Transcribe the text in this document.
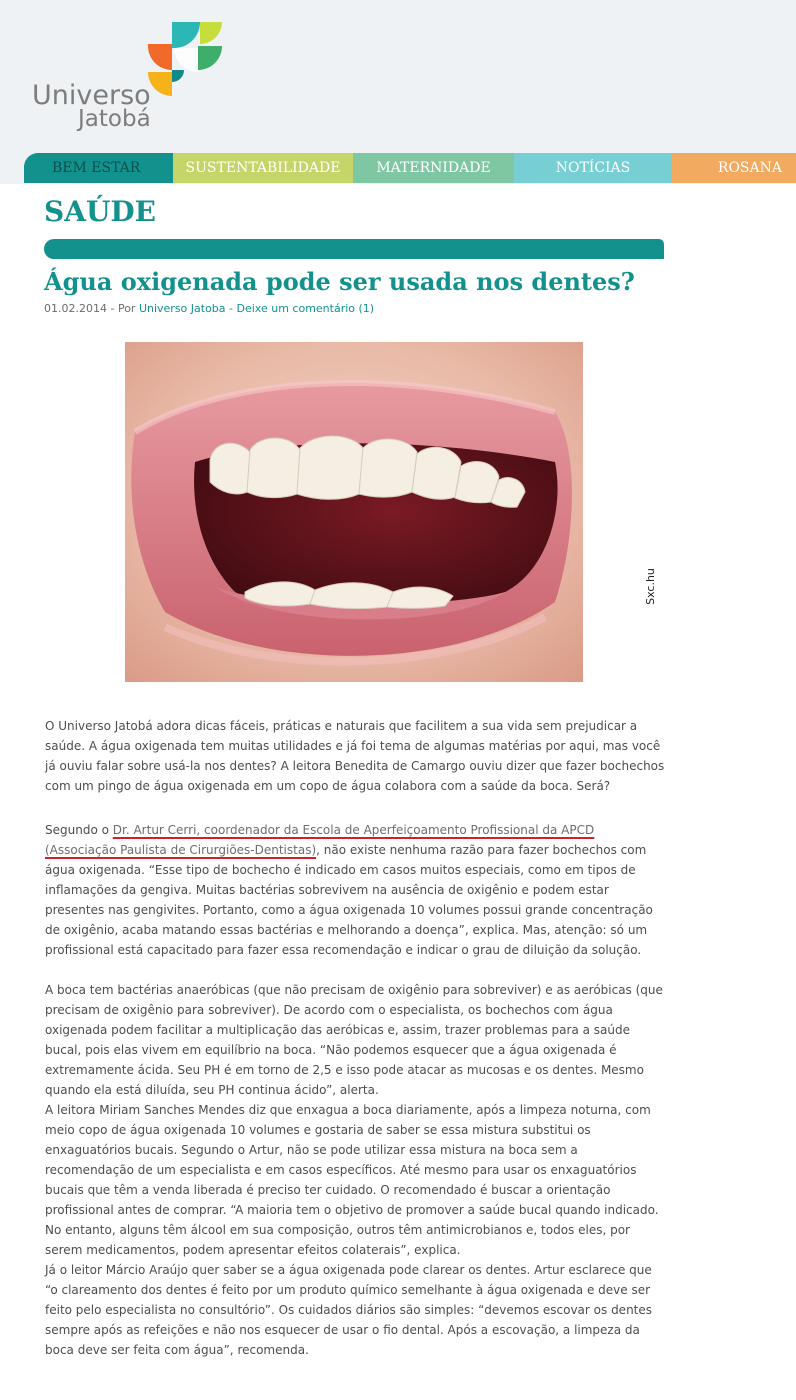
Universo
Jatobá
BEM ESTAR	SUSTENTABILIDADE	MATERNIDADE	NOTÍCIAS	ROSANA
SAÚDE
Água oxigenada pode ser usada nos dentes?
01.02.2014 - Por Universo Jatoba - Deixe um comentário (1)
Sxc.hu
O Universo Jatobá adora dicas fáceis, práticas e naturais que facilitem a sua vida sem prejudicar a saúde. A água oxigenada tem muitas utilidades e já foi tema de algumas matérias por aqui, mas você já ouviu falar sobre usá-la nos dentes? A leitora Benedita de Camargo ouviu dizer que fazer bochechos com um pingo de água oxigenada em um copo de água colabora com a saúde da boca. Será?
Segundo o Dr. Artur Cerri, coordenador da Escola de Aperfeiçoamento Profissional da APCD (Associação Paulista de Cirurgiões-Dentistas), não existe nenhuma razão para fazer bochechos com água oxigenada. “Esse tipo de bochecho é indicado em casos muitos especiais, como em tipos de inflamações da gengiva. Muitas bactérias sobrevivem na ausência de oxigênio e podem estar presentes nas gengivites. Portanto, como a água oxigenada 10 volumes possui grande concentração de oxigênio, acaba matando essas bactérias e melhorando a doença”, explica. Mas, atenção: só um profissional está capacitado para fazer essa recomendação e indicar o grau de diluição da solução.
A boca tem bactérias anaeróbicas (que não precisam de oxigênio para sobreviver) e as aeróbicas (que precisam de oxigênio para sobreviver). De acordo com o especialista, os bochechos com água oxigenada podem facilitar a multiplicação das aeróbicas e, assim, trazer problemas para a saúde bucal, pois elas vivem em equilíbrio na boca. “Não podemos esquecer que a água oxigenada é extremamente ácida. Seu PH é em torno de 2,5 e isso pode atacar as mucosas e os dentes. Mesmo quando ela está diluída, seu PH continua ácido”, alerta.
A leitora Miriam Sanches Mendes diz que enxagua a boca diariamente, após a limpeza noturna, com meio copo de água oxigenada 10 volumes e gostaria de saber se essa mistura substitui os enxaguatórios bucais. Segundo o Artur, não se pode utilizar essa mistura na boca sem a recomendação de um especialista e em casos específicos. Até mesmo para usar os enxaguatórios bucais que têm a venda liberada é preciso ter cuidado. O recomendado é buscar a orientação profissional antes de comprar. “A maioria tem o objetivo de promover a saúde bucal quando indicado. No entanto, alguns têm álcool em sua composição, outros têm antimicrobianos e, todos eles, por serem medicamentos, podem apresentar efeitos colaterais”, explica.
Já o leitor Márcio Araújo quer saber se a água oxigenada pode clarear os dentes. Artur esclarece que “o clareamento dos dentes é feito por um produto químico semelhante à água oxigenada e deve ser feito pelo especialista no consultório”. Os cuidados diários são simples: “devemos escovar os dentes sempre após as refeições e não nos esquecer de usar o fio dental. Após a escovação, a limpeza da boca deve ser feita com água”, recomenda.
